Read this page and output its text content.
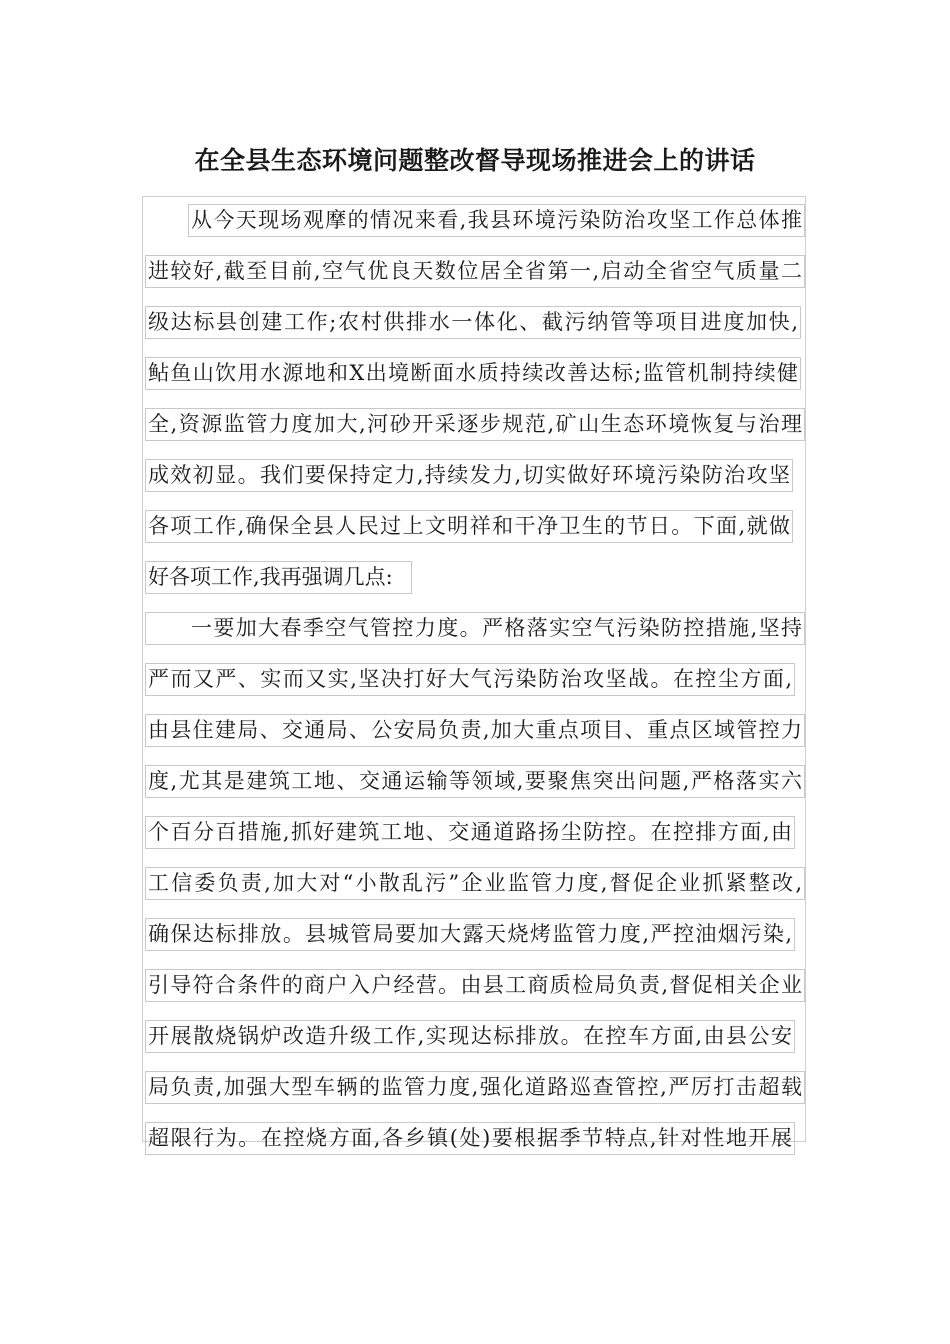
在全县生态环境问题整改督导现场推进会上的讲话
从今天现场观摩的情况来看,我县环境污染防治攻坚工作总体推
进较好,截至目前,空气优良天数位居全省第一,启动全省空气质量二
级达标县创建工作;农村供排水一体化、截污纳管等项目进度加快,
鲇鱼山饮用水源地和X出境断面水质持续改善达标;监管机制持续健
全,资源监管力度加大,河砂开采逐步规范,矿山生态环境恢复与治理
成效初显。我们要保持定力,持续发力,切实做好环境污染防治攻坚
各项工作,确保全县人民过上文明祥和干净卫生的节日。下面,就做
好各项工作,我再强调几点:
一要加大春季空气管控力度。严格落实空气污染防控措施,坚持
严而又严、实而又实,坚决打好大气污染防治攻坚战。在控尘方面,
由县住建局、交通局、公安局负责,加大重点项目、重点区域管控力
度,尤其是建筑工地、交通运输等领域,要聚焦突出问题,严格落实六
个百分百措施,抓好建筑工地、交通道路扬尘防控。在控排方面,由
工信委负责,加大对“小散乱污”企业监管力度,督促企业抓紧整改,
确保达标排放。县城管局要加大露天烧烤监管力度,严控油烟污染,
引导符合条件的商户入户经营。由县工商质检局负责,督促相关企业
开展散烧锅炉改造升级工作,实现达标排放。在控车方面,由县公安
局负责,加强大型车辆的监管力度,强化道路巡查管控,严厉打击超载
超限行为。在控烧方面,各乡镇(处)要根据季节特点,针对性地开展
